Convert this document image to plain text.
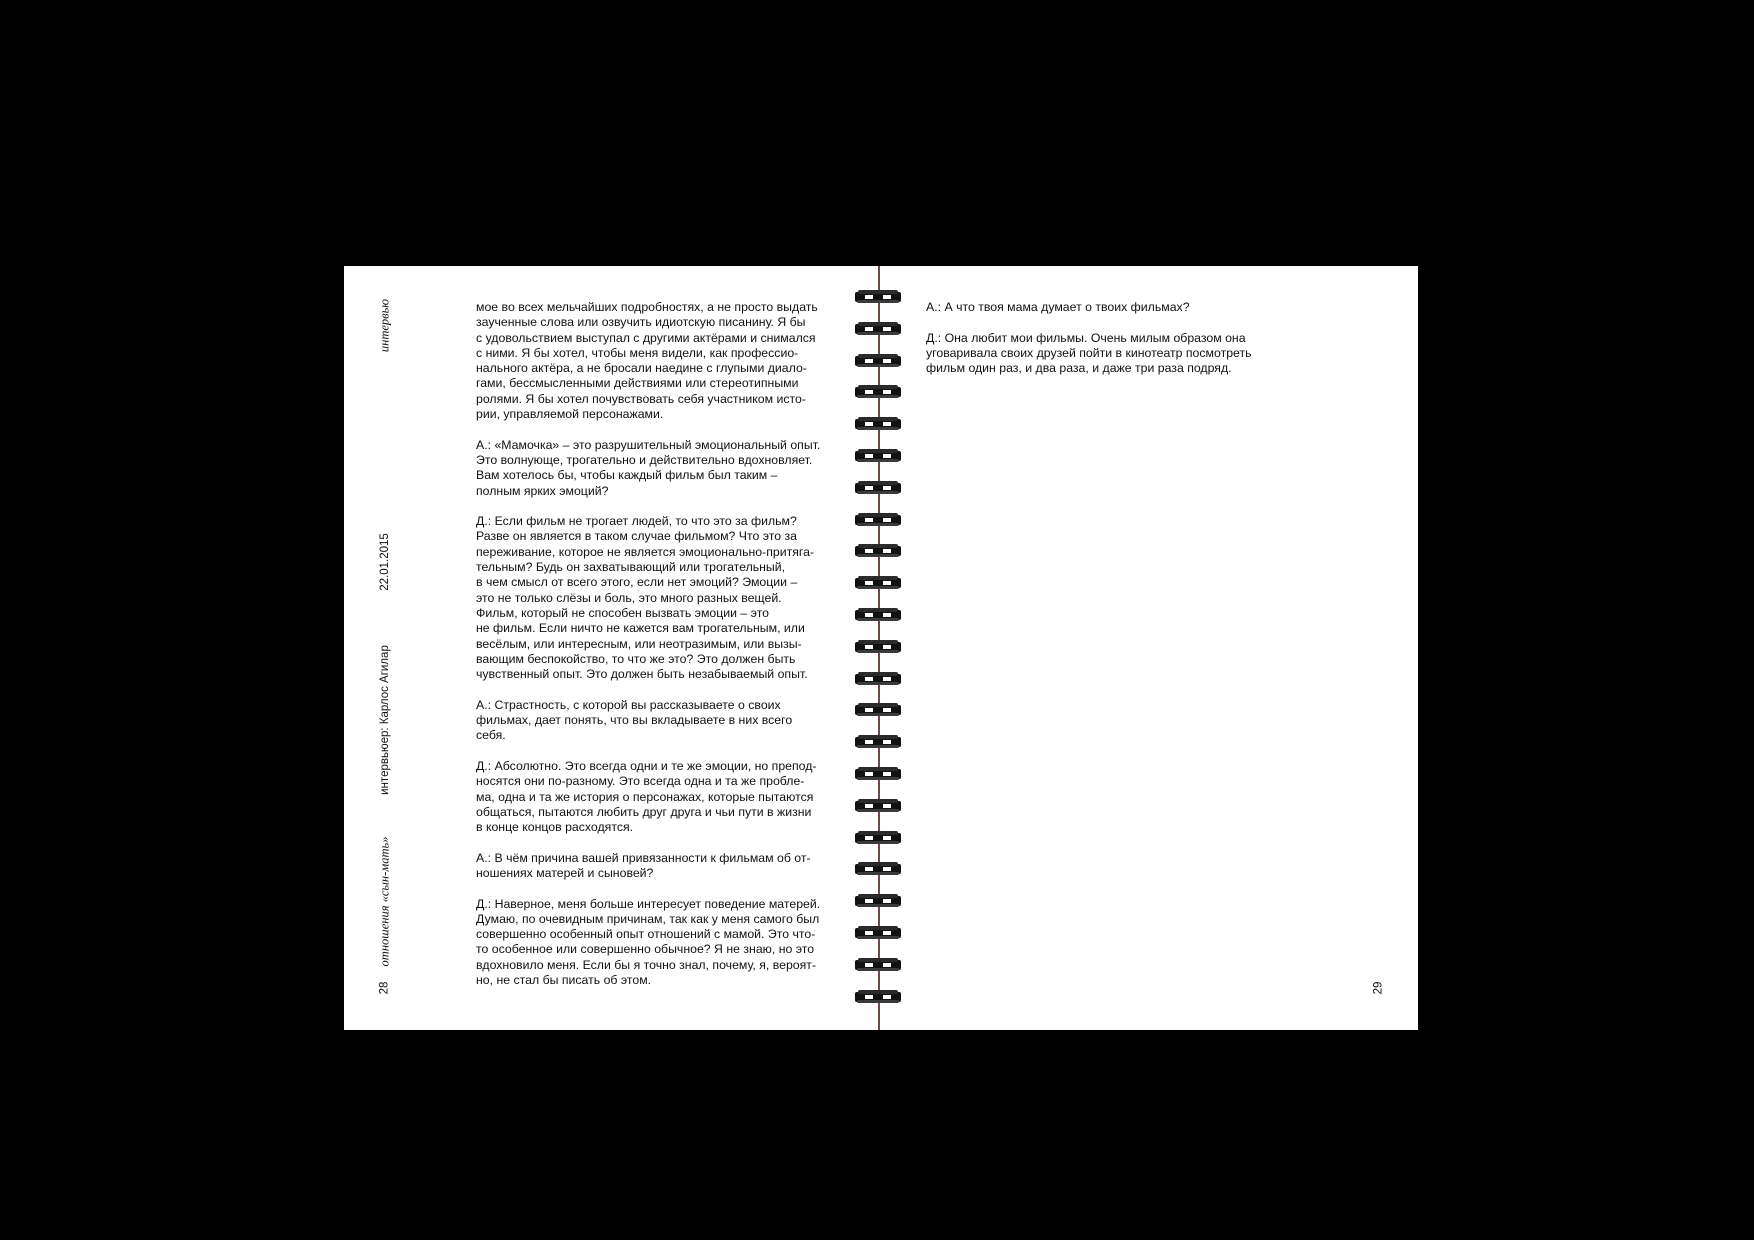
интервью
22.01.2015
интервьюер: Карлос Агилар
отношения «сын-мать»
28
мое во всех мельчайших подробностях, а не просто выдать
заученные слова или озвучить идиотскую писанину. Я бы
с удовольствием выступал с другими актёрами и снимался
с ними. Я бы хотел, чтобы меня видели, как профессио-
нального актёра, а не бросали наедине с глупыми диало-
гами, бессмысленными действиями или стереотипными
ролями. Я бы хотел почувствовать себя участником исто-
рии, управляемой персонажами.
А.: «Мамочка» – это разрушительный эмоциональный опыт.
Это волнующе, трогательно и действительно вдохновляет.
Вам хотелось бы, чтобы каждый фильм был таким –
полным ярких эмоций?
Д.: Если фильм не трогает людей, то что это за фильм?
Разве он является в таком случае фильмом? Что это за
переживание, которое не является эмоционально-притяга-
тельным? Будь он захватывающий или трогательный,
в чем смысл от всего этого, если нет эмоций? Эмоции –
это не только слёзы и боль, это много разных вещей.
Фильм, который не способен вызвать эмоции – это
не фильм. Если ничто не кажется вам трогательным, или
весёлым, или интересным, или неотразимым, или вызы-
вающим беспокойство, то что же это? Это должен быть
чувственный опыт. Это должен быть незабываемый опыт.
А.: Страстность, с которой вы рассказываете о своих
фильмах, дает понять, что вы вкладываете в них всего
себя.
Д.: Абсолютно. Это всегда одни и те же эмоции, но препод-
носятся они по-разному. Это всегда одна и та же пробле-
ма, одна и та же история о персонажах, которые пытаются
общаться, пытаются любить друг друга и чьи пути в жизни
в конце концов расходятся.
А.: В чём причина вашей привязанности к фильмам об от-
ношениях матерей и сыновей?
Д.: Наверное, меня больше интересует поведение матерей.
Думаю, по очевидным причинам, так как у меня самого был
совершенно особенный опыт отношений с мамой. Это что-
то особенное или совершенно обычное? Я не знаю, но это
вдохновило меня. Если бы я точно знал, почему, я, вероят-
но, не стал бы писать об этом.
А.: А что твоя мама думает о твоих фильмах?
Д.: Она любит мои фильмы. Очень милым образом она
уговаривала своих друзей пойти в кинотеатр посмотреть
фильм один раз, и два раза, и даже три раза подряд.
29
